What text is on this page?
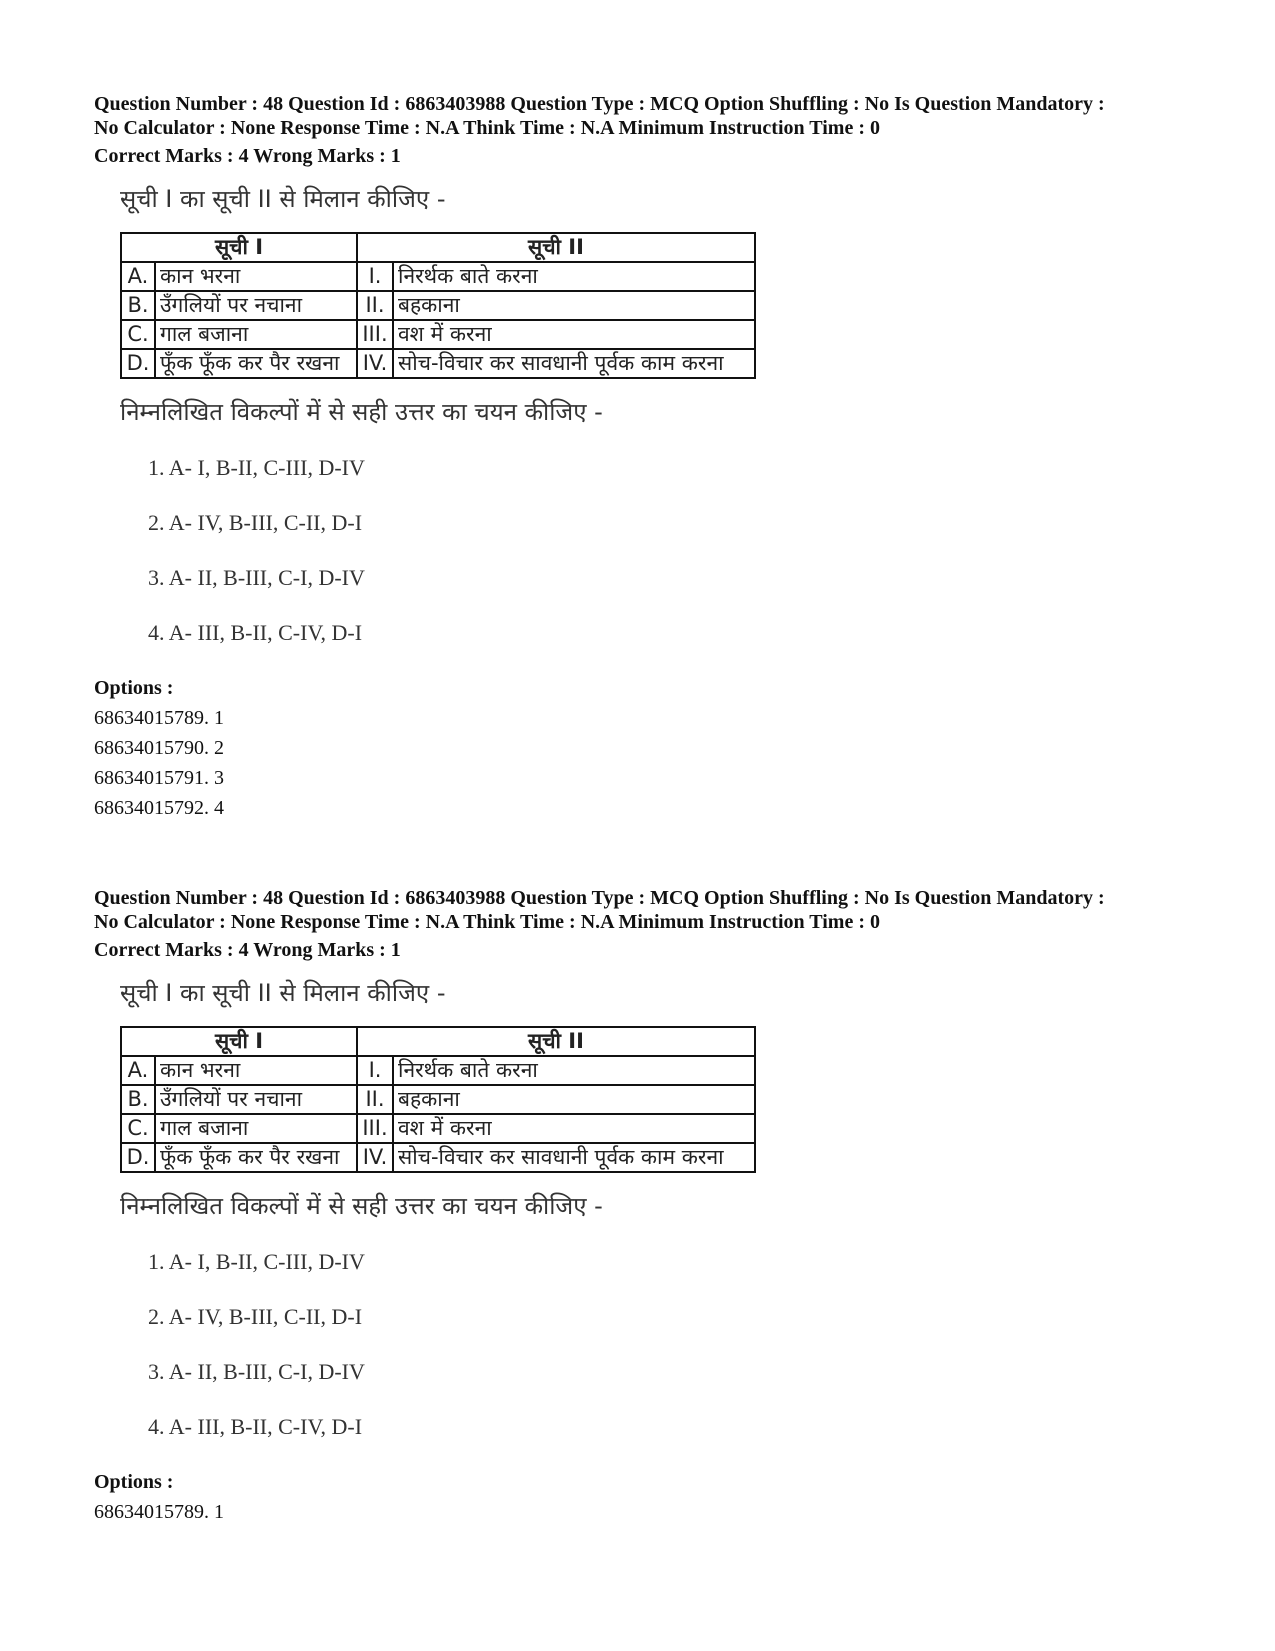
Question Number : 48 Question Id : 6863403988 Question Type : MCQ Option Shuffling : No Is Question Mandatory :

No Calculator : None Response Time : N.A Think Time : N.A Minimum Instruction Time : 0

Correct Marks : 4 Wrong Marks : 1

सूची I का सूची II से मिलान कीजिए -

सूची I		सूची II	
A.	कान भरना	I.	निरर्थक बाते करना
B.	उँगलियों पर नचाना	II.	बहकाना
C.	गाल बजाना	III.	वश में करना
D.	फूँक फूँक कर पैर रखना	IV.	सोच-विचार कर सावधानी पूर्वक काम करना

निम्नलिखित विकल्पों में से सही उत्तर का चयन कीजिए -

1. A- I, B-II, C-III, D-IV
2. A- IV, B-III, C-II, D-I
3. A- II, B-III, C-I, D-IV
4. A- III, B-II, C-IV, D-I

Options :

68634015789. 1

68634015790. 2

68634015791. 3

68634015792. 4

Question Number : 48 Question Id : 6863403988 Question Type : MCQ Option Shuffling : No Is Question Mandatory :

No Calculator : None Response Time : N.A Think Time : N.A Minimum Instruction Time : 0

Correct Marks : 4 Wrong Marks : 1

सूची I का सूची II से मिलान कीजिए -

सूची I		सूची II	
A.	कान भरना	I.	निरर्थक बाते करना
B.	उँगलियों पर नचाना	II.	बहकाना
C.	गाल बजाना	III.	वश में करना
D.	फूँक फूँक कर पैर रखना	IV.	सोच-विचार कर सावधानी पूर्वक काम करना

निम्नलिखित विकल्पों में से सही उत्तर का चयन कीजिए -

1. A- I, B-II, C-III, D-IV
2. A- IV, B-III, C-II, D-I
3. A- II, B-III, C-I, D-IV
4. A- III, B-II, C-IV, D-I

Options :

68634015789. 1
